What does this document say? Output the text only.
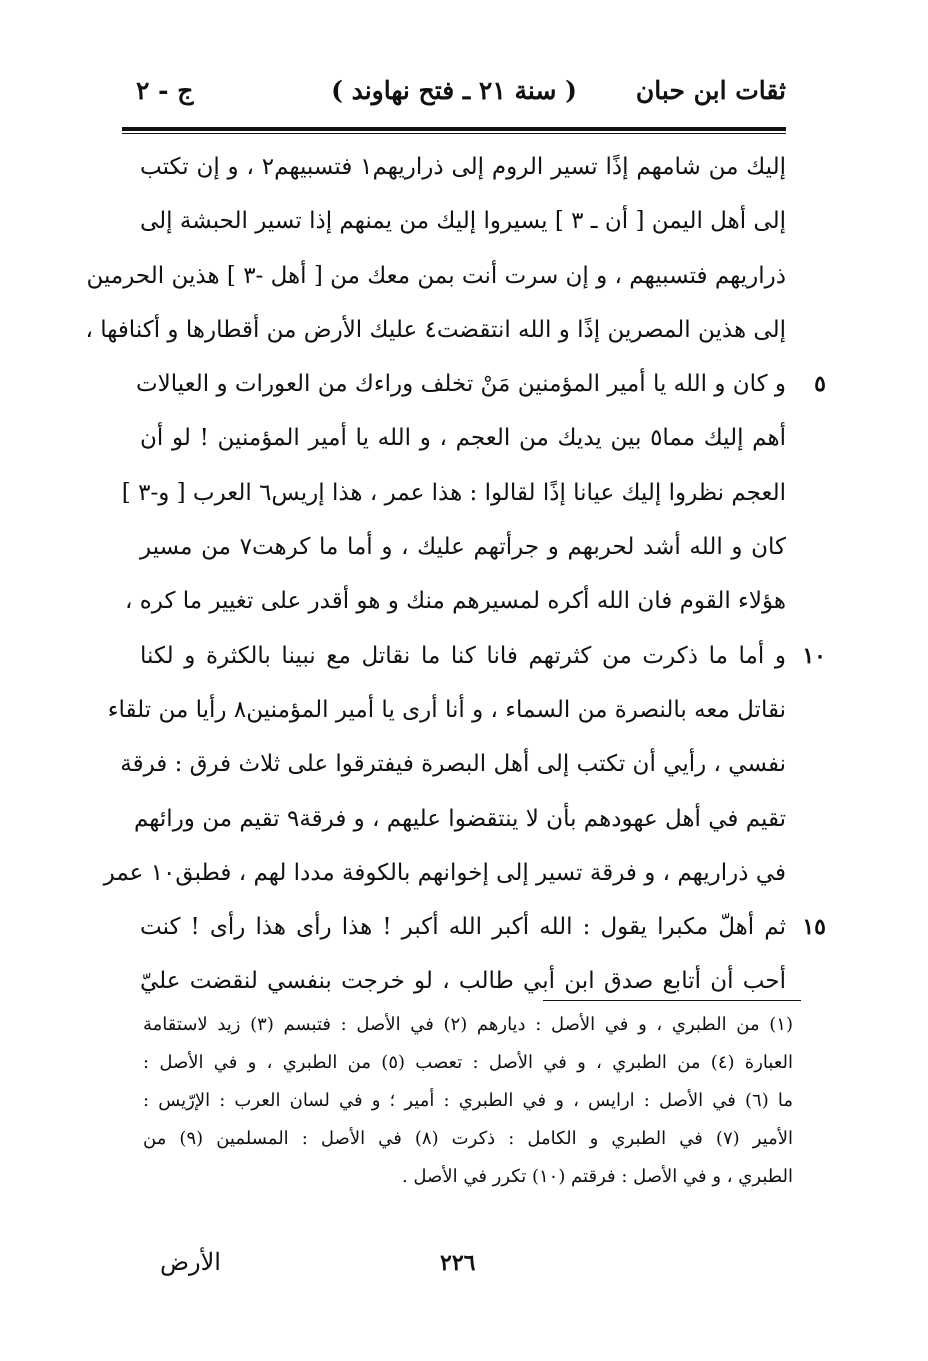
ثقات ابن حبان
( سنة ٢١ ـ فتح نهاوند )
ج - ٢
إليك من شامهم إذًا تسير الروم إلى ذراريهم١ فتسبيهم٢ ، و إن تكتب
إلى أهل اليمن [ أن ـ ٣ ] يسيروا إليك من يمنهم إذا تسير الحبشة إلى
ذراريهم فتسبيهم ، و إن سرت أنت بمن معك من [ أهل -٣ ] هذين الحرمين
إلى هذين المصرين إذًا و الله انتقضت٤ عليك الأرض من أقطارها و أكنافها ،
٥
و كان و الله يا أمير المؤمنين مَنْ تخلف وراءك من العورات و العيالات
أهم إليك مما٥ بين يديك من العجم ، و الله يا أمير المؤمنين ! لو أن
العجم نظروا إليك عيانا إذًا لقالوا : هذا عمر ، هذا إريس٦ العرب [ و-٣ ]
كان و الله أشد لحربهم و جرأتهم عليك ، و أما ما كرهت٧ من مسير
هؤلاء القوم فان الله أكره لمسيرهم منك و هو أقدر على تغيير ما كره ،
١٠
و أما ما ذكرت من كثرتهم فانا كنا ما نقاتل مع نبينا بالكثرة و لكنا
نقاتل معه بالنصرة من السماء ، و أنا أرى يا أمير المؤمنين٨ رأيا من تلقاء
نفسي ، رأيي أن تكتب إلى أهل البصرة فيفترقوا على ثلاث فرق : فرقة
تقيم في أهل عهودهم بأن لا ينتقضوا عليهم ، و فرقة٩ تقيم من ورائهم
في ذراريهم ، و فرقة تسير إلى إخوانهم بالكوفة مددا لهم ، فطبق١٠ عمر
١٥
ثم أهلّ مكبرا يقول : الله أكبر الله أكبر ! هذا رأى هذا رأى ! كنت
أحب أن أتابع صدق ابن أبي طالب ، لو خرجت بنفسي لنقضت عليّ
(١) من الطبري ، و في الأصل : ديارهم (٢) في الأصل : فتبسم (٣) زيد لاستقامة
العبارة (٤) من الطبري ، و في الأصل : تعصب (٥) من الطبري ، و في الأصل :
ما (٦) في الأصل : ارايس ، و في الطبري : أمير ؛ و في لسان العرب : الإرّيس :
الأمير (٧) في الطبري و الكامل : ذكرت (٨) في الأصل : المسلمين (٩) من
الطبري ، و في الأصل : فرقتم (١٠) تكرر في الأصل .
٢٢٦
الأرض
